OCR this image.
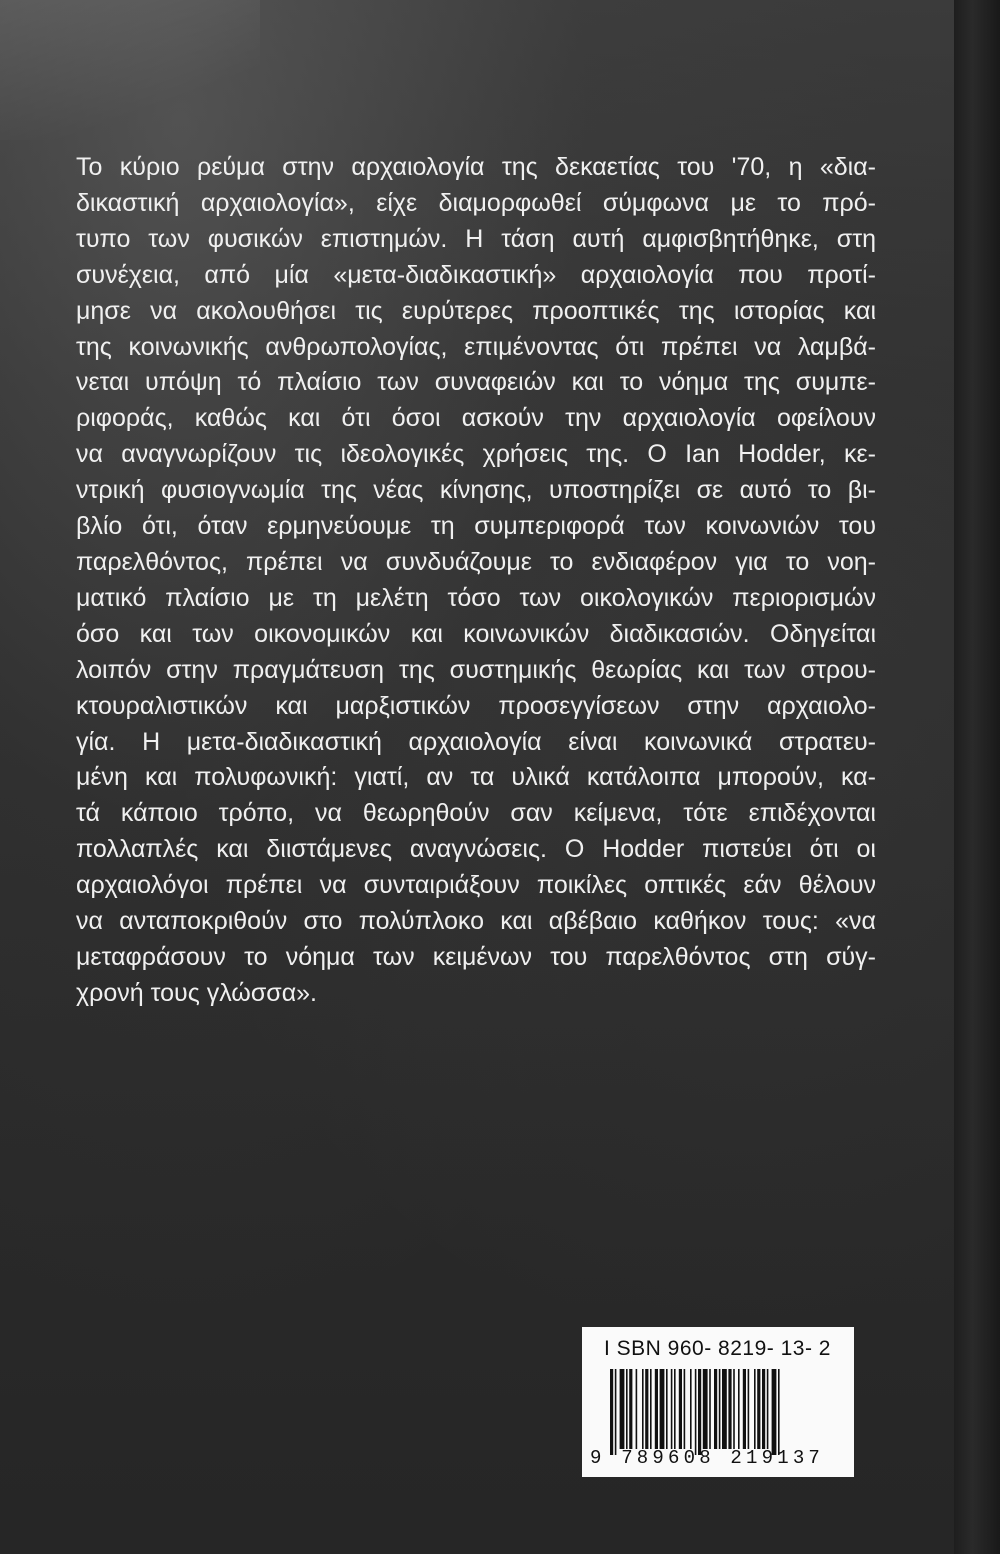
Το κύριο ρεύμα στην αρχαιολογία της δεκαετίας του '70, η «δια-
δικαστική αρχαιολογία», είχε διαμορφωθεί σύμφωνα με το πρό-
τυπο των φυσικών επιστημών. Η τάση αυτή αμφισβητήθηκε, στη
συνέχεια, από μία «μετα-διαδικαστική» αρχαιολογία που προτί-
μησε να ακολουθήσει τις ευρύτερες προοπτικές της ιστορίας και
της κοινωνικής ανθρωπολογίας, επιμένοντας ότι πρέπει να λαμβά-
νεται υπόψη τό πλαίσιο των συναφειών και το νόημα της συμπε-
ριφοράς, καθώς και ότι όσοι ασκούν την αρχαιολογία οφείλουν
να αναγνωρίζουν τις ιδεολογικές χρήσεις της. Ο Ian Hodder, κε-
ντρική φυσιογνωμία της νέας κίνησης, υποστηρίζει σε αυτό το βι-
βλίο ότι, όταν ερμηνεύουμε τη συμπεριφορά των κοινωνιών του
παρελθόντος, πρέπει να συνδυάζουμε το ενδιαφέρον για το νοη-
ματικό πλαίσιο με τη μελέτη τόσο των οικολογικών περιορισμών
όσο και των οικονομικών και κοινωνικών διαδικασιών. Οδηγείται
λοιπόν στην πραγμάτευση της συστημικής θεωρίας και των στρου-
κτουραλιστικών και μαρξιστικών προσεγγίσεων στην αρχαιολο-
γία. Η μετα-διαδικαστική αρχαιολογία είναι κοινωνικά στρατευ-
μένη και πολυφωνική: γιατί, αν τα υλικά κατάλοιπα μπορούν, κα-
τά κάποιο τρόπο, να θεωρηθούν σαν κείμενα, τότε επιδέχονται
πολλαπλές και διιστάμενες αναγνώσεις. Ο Hodder πιστεύει ότι οι
αρχαιολόγοι πρέπει να συνταιριάξουν ποικίλες οπτικές εάν θέλουν
να ανταποκριθούν στο πολύπλοκο και αβέβαιο καθήκον τους: «να
μεταφράσουν το νόημα των κειμένων του παρελθόντος στη σύγ-
χρονή τους γλώσσα».

I SBN 960- 8219- 13- 2
9 789608 219137
